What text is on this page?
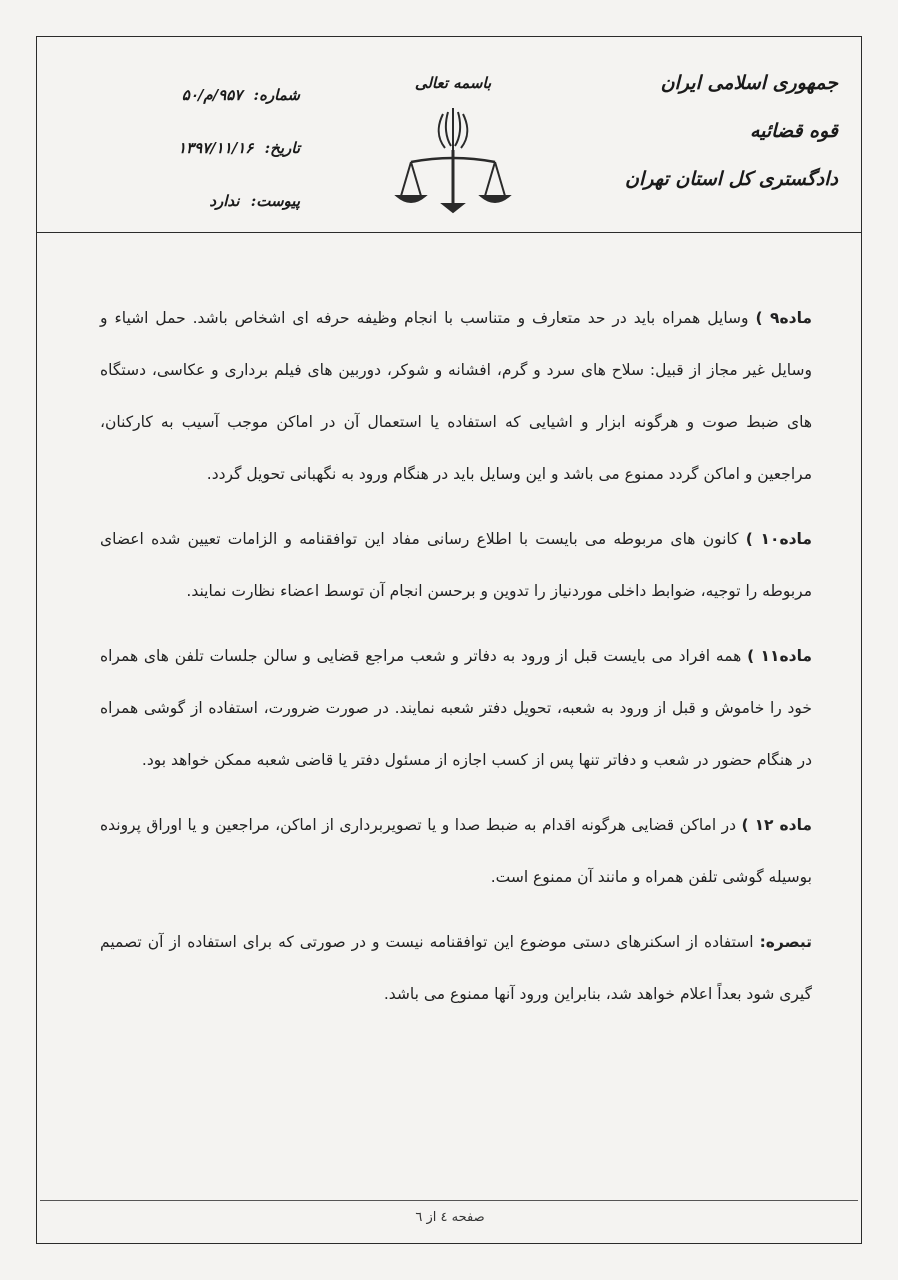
جمهوری اسلامی ایران
قوه قضائیه
دادگستری کل استان تهران
باسمه تعالی
شماره: ۹۵۷/م/۵۰
تاریخ: ۱۳۹۷/۱۱/۱۶
پیوست: ندارد

ماده۹ ) وسایل همراه باید در حد متعارف و متناسب با انجام وظیفه حرفه ای اشخاص باشد. حمل اشیاء و وسایل غیر مجاز از قبیل: سلاح های سرد و گرم، افشانه و شوکر، دوربین های فیلم برداری و عکاسی، دستگاه های ضبط صوت و هرگونه ابزار و اشیایی که استفاده یا استعمال آن در اماکن موجب آسیب به کارکنان، مراجعین و اماکن گردد ممنوع می باشد و این وسایل باید در هنگام ورود به نگهبانی تحویل گردد.

ماده۱۰ ) کانون های مربوطه می بایست با اطلاع رسانی مفاد این توافقنامه و الزامات تعیین شده اعضای مربوطه را توجیه، ضوابط داخلی موردنیاز را تدوین و برحسن انجام آن توسط اعضاء نظارت نمایند.

ماده۱۱ ) همه افراد می بایست قبل از ورود به دفاتر و شعب مراجع قضایی و سالن جلسات تلفن های همراه خود را خاموش و قبل از ورود به شعبه، تحویل دفتر شعبه نمایند. در صورت ضرورت، استفاده از گوشی همراه در هنگام حضور در شعب و دفاتر تنها پس از کسب اجازه از مسئول دفتر یا قاضی شعبه ممکن خواهد بود.

ماده ۱۲ ) در اماکن قضایی هرگونه اقدام به ضبط صدا و یا تصویربرداری از اماکن، مراجعین و یا اوراق پرونده بوسیله گوشی تلفن همراه و مانند آن ممنوع است.

تبصره: استفاده از اسکنرهای دستی موضوع این توافقنامه نیست و در صورتی که برای استفاده از آن تصمیم گیری شود بعداً اعلام خواهد شد، بنابراین ورود آنها ممنوع می باشد.

صفحه ٤ از ٦
